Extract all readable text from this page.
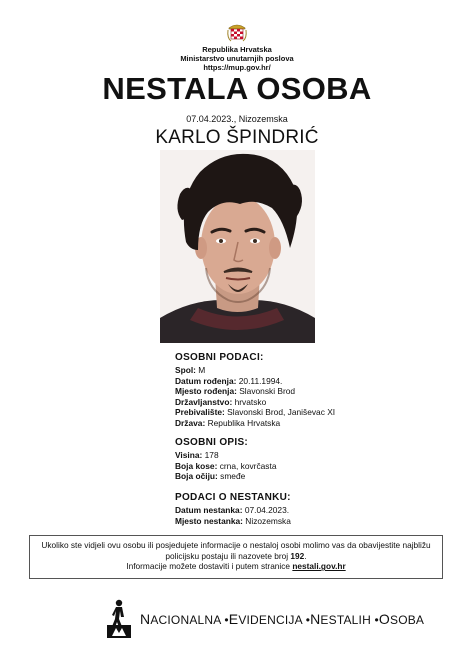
Republika Hrvatska
Ministarstvo unutarnjih poslova
https://mup.gov.hr/
NESTALA OSOBA
07.04.2023., Nizozemska
KARLO ŠPINDRIĆ
OSOBNI PODACI:
Spol: M
Datum rođenja: 20.11.1994.
Mjesto rođenja: Slavonski Brod
Državljanstvo: hrvatsko
Prebivalište: Slavonski Brod, Janiševac XI
Država: Republika Hrvatska
OSOBNI OPIS:
Visina: 178
Boja kose: crna, kovrčasta
Boja očiju: smeđe
PODACI O NESTANKU:
Datum nestanka: 07.04.2023.
Mjesto nestanka: Nizozemska
Ukoliko ste vidjeli ovu osobu ili posjedujete informacije o nestaloj osobi molimo vas da obavijestite najbližu
policijsku postaju ili nazovete broj 192.
Informacije možete dostaviti i putem stranice nestali.gov.hr
NACIONALNA •EVIDENCIJA •NESTALIH •OSOBA
